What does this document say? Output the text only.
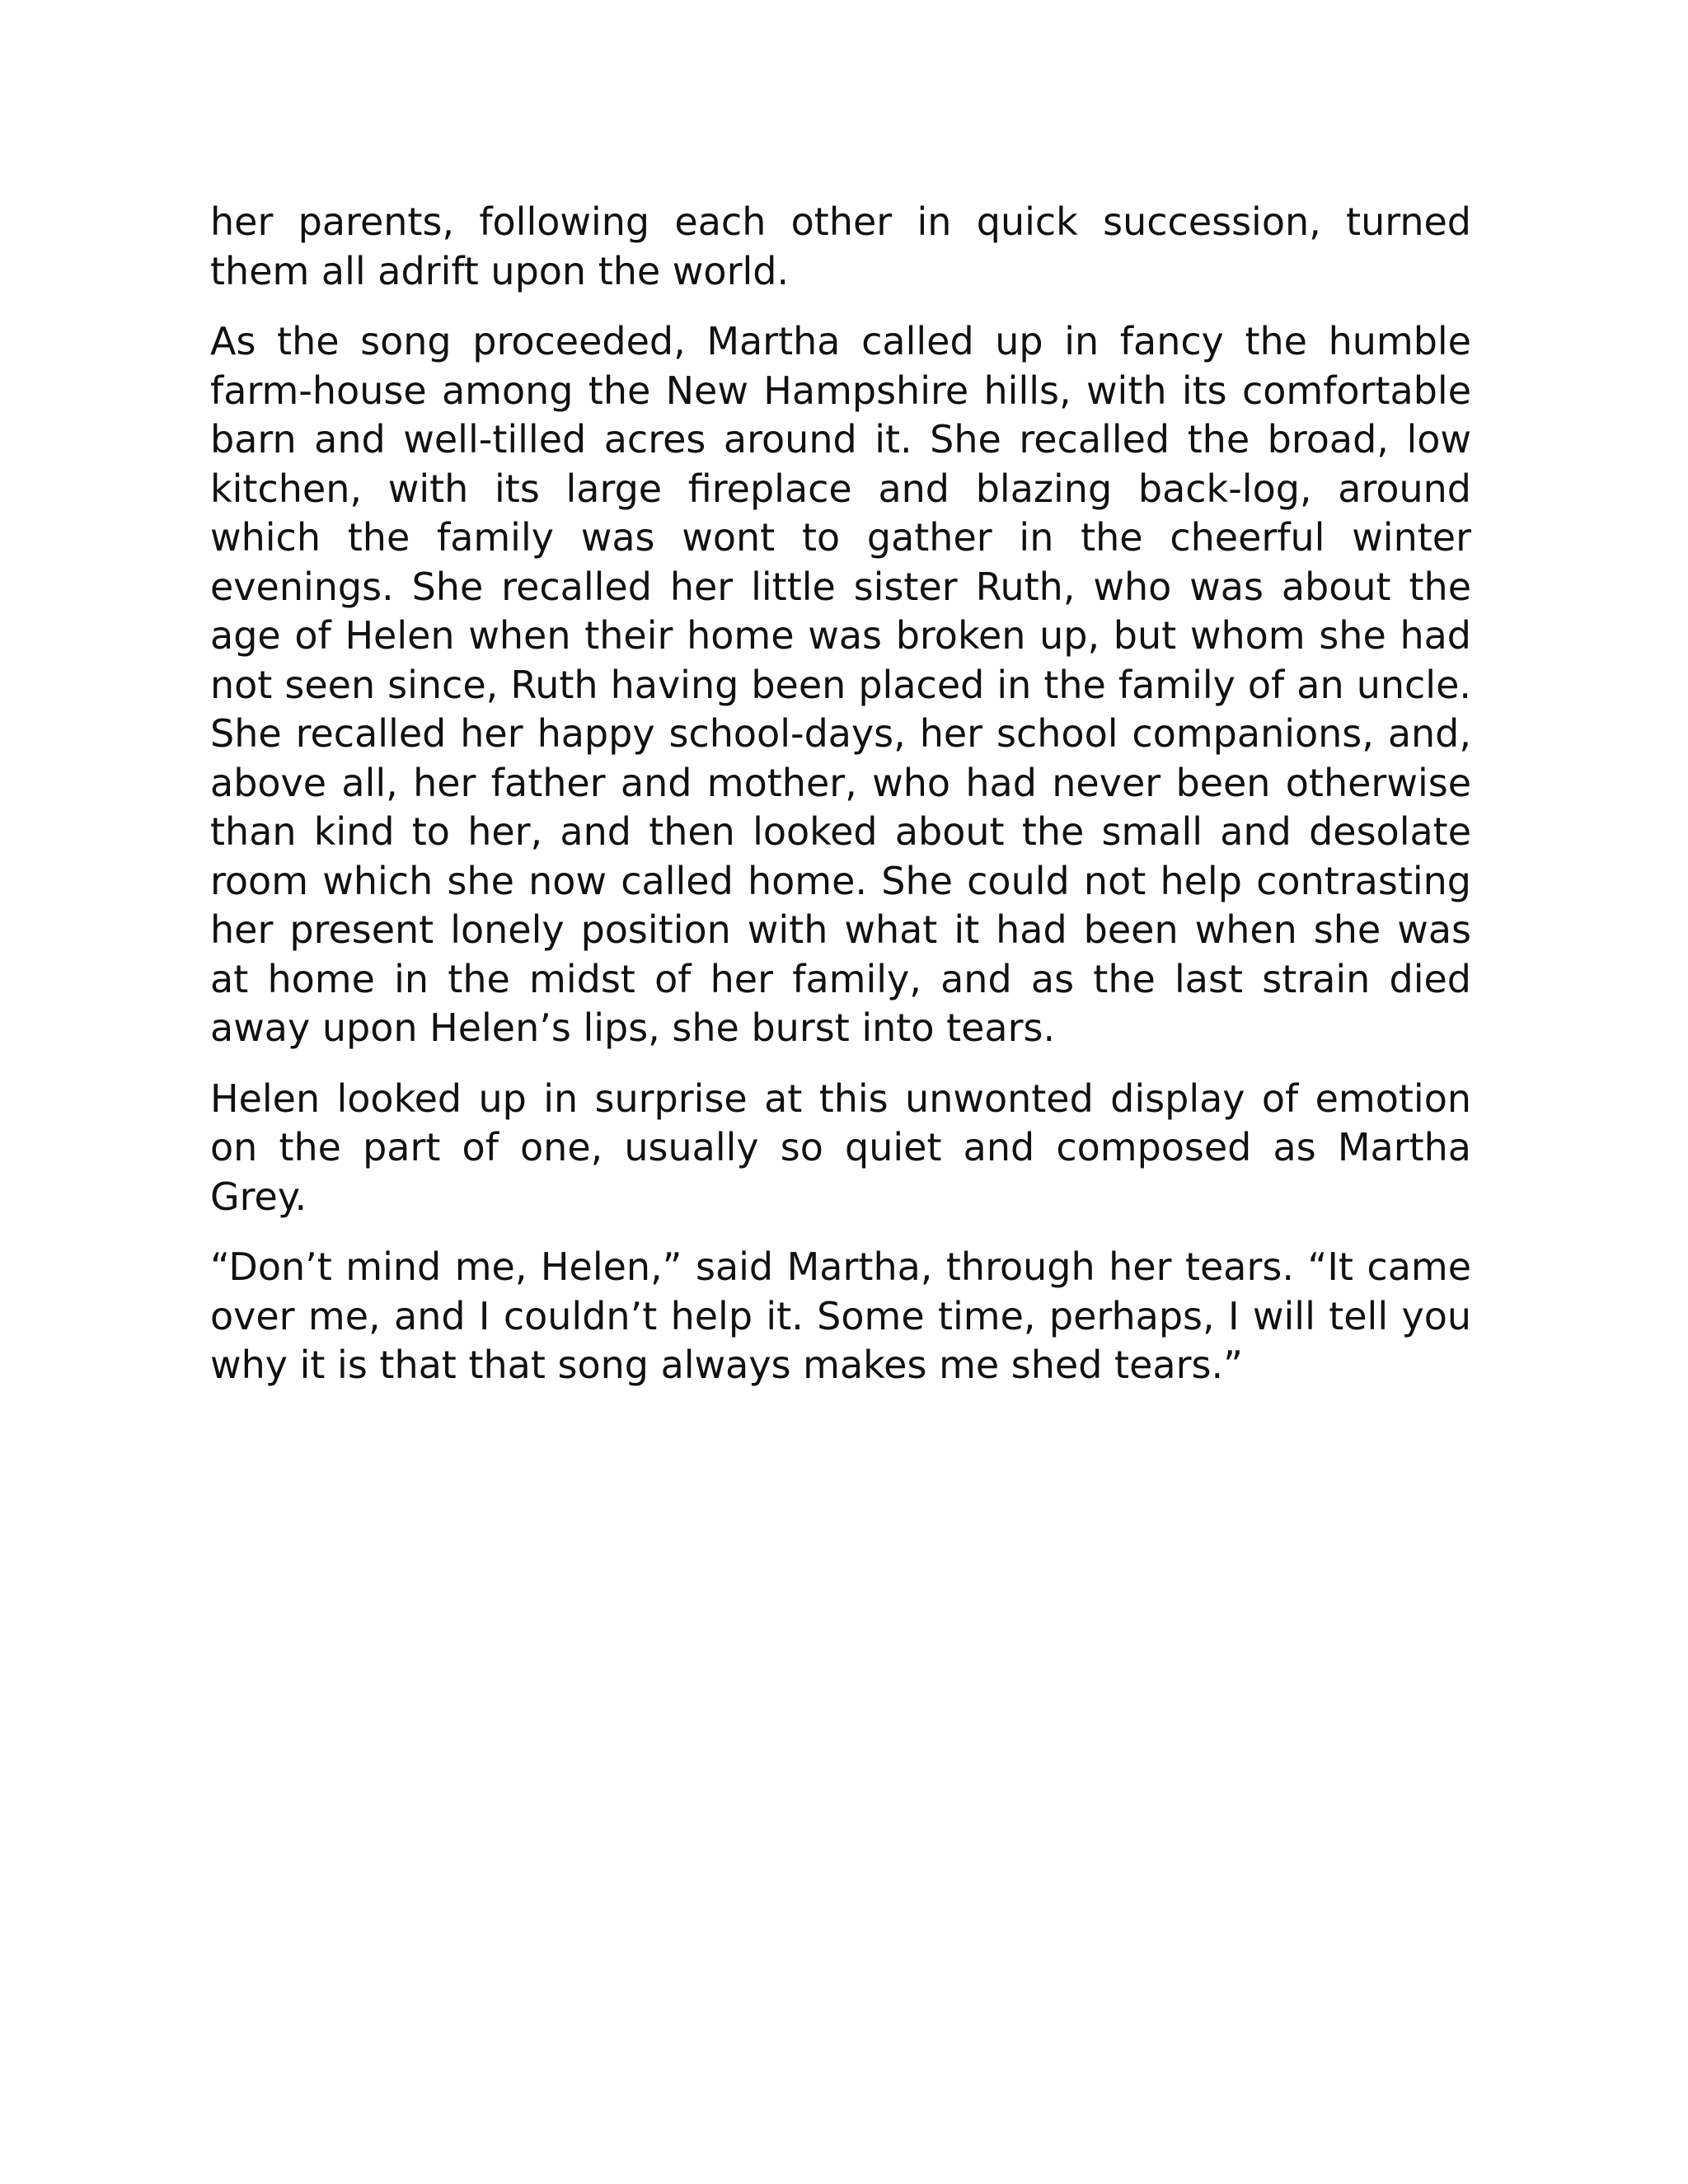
her parents, following each other in quick succession, turned them all adrift upon the world.

As the song proceeded, Martha called up in fancy the humble farm-house among the New Hampshire hills, with its comfortable barn and well-tilled acres around it. She recalled the broad, low kitchen, with its large fireplace and blazing back-log, around which the family was wont to gather in the cheerful winter evenings. She recalled her little sister Ruth, who was about the age of Helen when their home was broken up, but whom she had not seen since, Ruth having been placed in the family of an uncle. She recalled her happy school-days, her school companions, and, above all, her father and mother, who had never been otherwise than kind to her, and then looked about the small and desolate room which she now called home. She could not help contrasting her present lonely position with what it had been when she was at home in the midst of her family, and as the last strain died away upon Helen’s lips, she burst into tears.

Helen looked up in surprise at this unwonted display of emotion on the part of one, usually so quiet and composed as Martha Grey.

“Don’t mind me, Helen,” said Martha, through her tears. “It came over me, and I couldn’t help it. Some time, perhaps, I will tell you why it is that that song always makes me shed tears.”
